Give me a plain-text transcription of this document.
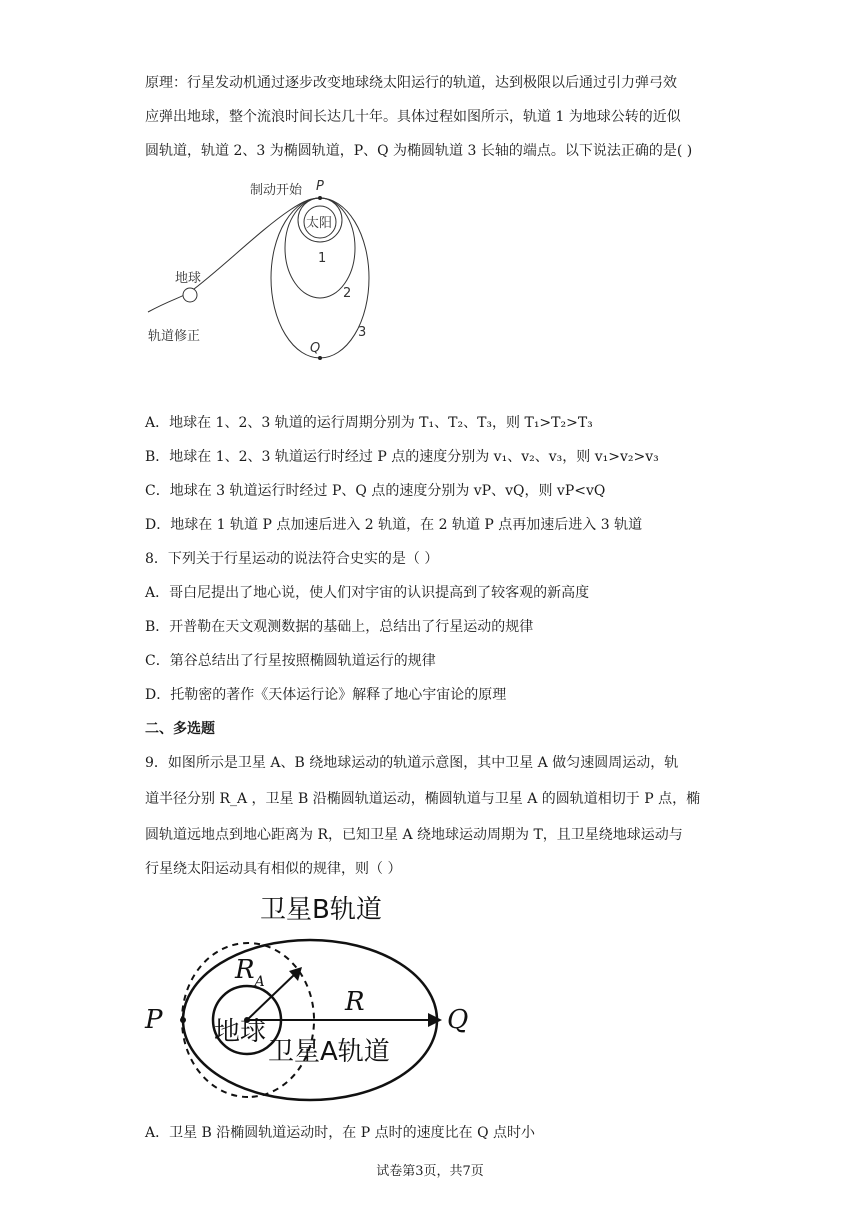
原理：行星发动机通过逐步改变地球绕太阳运行的轨道，达到极限以后通过引力弹弓效
应弹出地球，整个流浪时间长达几十年。具体过程如图所示，轨道 1 为地球公转的近似
圆轨道，轨道 2、3 为椭圆轨道，P、Q 为椭圆轨道 3 长轴的端点。以下说法正确的是( )
制动开始 P
太阳
1
2
3
地球
Q
轨道修正
A．地球在 1、2、3 轨道的运行周期分别为 T₁、T₂、T₃，则 T₁>T₂>T₃
B．地球在 1、2、3 轨道运行时经过 P 点的速度分别为 v₁、v₂、v₃，则 v₁>v₂>v₃
C．地球在 3 轨道运行时经过 P、Q 点的速度分别为 vP、vQ，则 vP<vQ
D．地球在 1 轨道 P 点加速后进入 2 轨道，在 2 轨道 P 点再加速后进入 3 轨道
8．下列关于行星运动的说法符合史实的是（ ）
A．哥白尼提出了地心说，使人们对宇宙的认识提高到了较客观的新高度
B．开普勒在天文观测数据的基础上，总结出了行星运动的规律
C．第谷总结出了行星按照椭圆轨道运行的规律
D．托勒密的著作《天体运行论》解释了地心宇宙论的原理
二、多选题
9．如图所示是卫星 A、B 绕地球运动的轨道示意图，其中卫星 A 做匀速圆周运动，轨
道半径分别 R_A ，卫星 B 沿椭圆轨道运动，椭圆轨道与卫星 A 的圆轨道相切于 P 点，椭
圆轨道远地点到地心距离为 R，已知卫星 A 绕地球运动周期为 T，且卫星绕地球运动与
行星绕太阳运动具有相似的规律，则（ ）
卫星B轨道
$R_A$
R
P	Q
地球
卫星A轨道
A．卫星 B 沿椭圆轨道运动时，在 P 点时的速度比在 Q 点时小
试卷第3页，共7页
